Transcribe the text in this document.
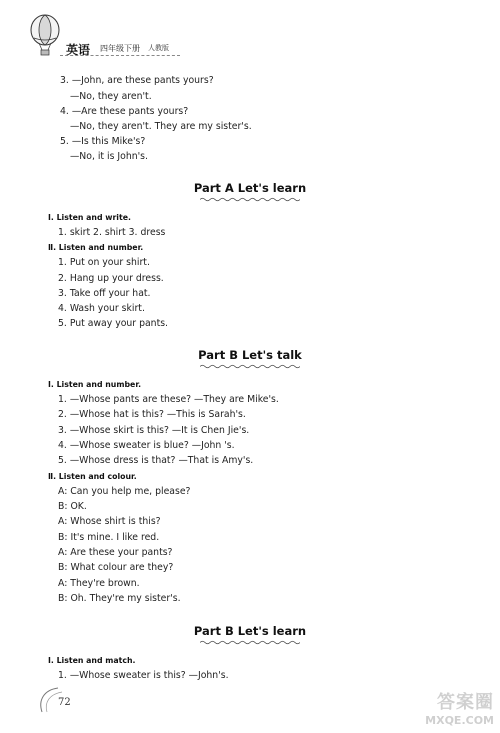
英语 四年级下册 人教版
3. —John, are these pants yours?
—No, they aren't.
4. —Are these pants yours?
—No, they aren't. They are my sister's.
5. —Is this Mike's?
—No, it is John's.
Part A Let's learn
Ⅰ. Listen and write.
1. skirt 2. shirt 3. dress
Ⅱ. Listen and number.
1. Put on your shirt.
2. Hang up your dress.
3. Take off your hat.
4. Wash your skirt.
5. Put away your pants.
Part B Let's talk
Ⅰ. Listen and number.
1. —Whose pants are these? —They are Mike's.
2. —Whose hat is this? —This is Sarah's.
3. —Whose skirt is this? —It is Chen Jie's.
4. —Whose sweater is blue? —John 's.
5. —Whose dress is that? —That is Amy's.
Ⅱ. Listen and colour.
A: Can you help me, please?
B: OK.
A: Whose shirt is this?
B: It's mine. I like red.
A: Are these your pants?
B: What colour are they?
A: They're brown.
B: Oh. They're my sister's.
Part B Let's learn
Ⅰ. Listen and match.
1. —Whose sweater is this? —John's.
72	答案圈
MXQE.COM
